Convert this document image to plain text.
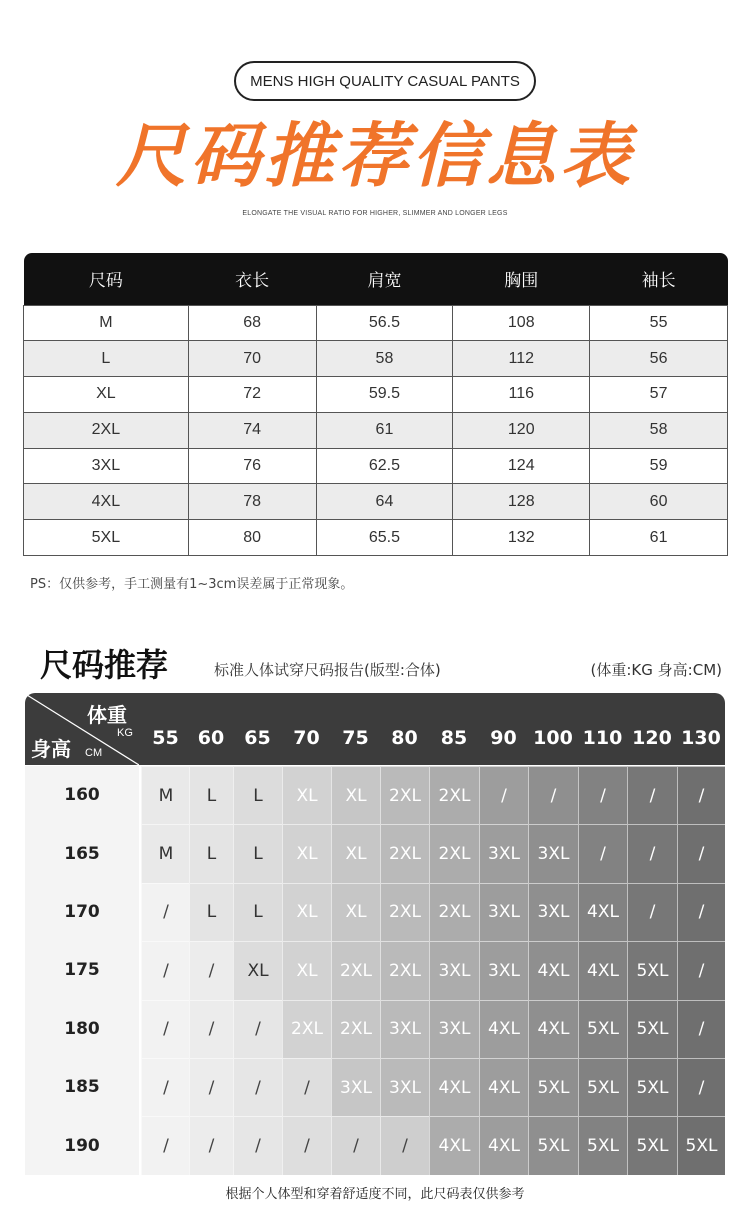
MENS HIGH QUALITY CASUAL PANTS
尺码推荐信息表
ELONGATE THE VISUAL RATIO FOR HIGHER, SLIMMER AND LONGER LEGS
尺码	衣长	肩宽	胸围	袖长
M	68	56.5	108	55
L	70	58	112	56
XL	72	59.5	116	57
2XL	74	61	120	58
3XL	76	62.5	124	59
4XL	78	64	128	60
5XL	80	65.5	132	61
PS：仅供参考，手工测量有1~3cm误差属于正常现象。
尺码推荐	标准人体试穿尺码报告(版型:合体)	(体重:KG 身高:CM)
体重
KG
身高 CM
55	60	65	70	75	80	85	90 100 110 120 130
160	M	L	L	XL	XL	2XL	2XL	/	/	/	/	/
165	M	L	L	XL	XL	2XL	2XL	3XL	3XL	/	/	/
170	/	L	L	XL	XL	2XL	2XL	3XL	3XL	4XL	/	/
175	/	/	XL	XL	2XL	2XL	3XL	3XL	4XL	4XL	5XL	/
180	/	/	/	2XL	2XL	3XL	3XL	4XL	4XL	5XL	5XL	/
185	/	/	/	/	3XL	3XL	4XL	4XL	5XL	5XL	5XL	/
190	/	/	/	/	/	/	4XL	4XL	5XL	5XL	5XL	5XL
根据个人体型和穿着舒适度不同，此尺码表仅供参考
